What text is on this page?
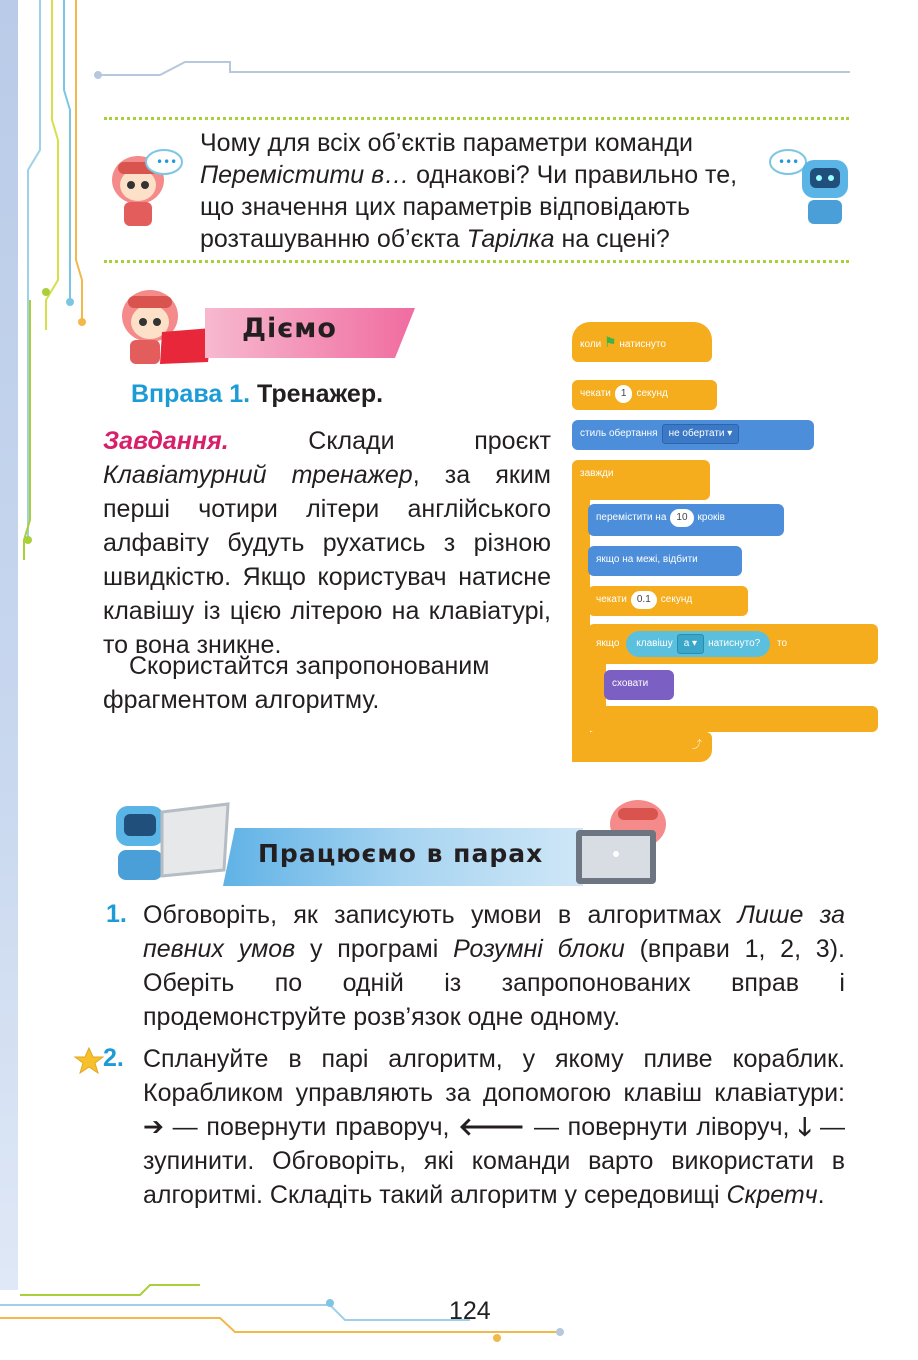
•••	•••
Чому для всіх об’єктів параметри команди
Перемістити в… однакові? Чи правильно те,
що значення цих параметрів відповідають
розташуванню об’єкта Тарілка на сцені?
Діємо
Вправа 1. Тренажер.
Завдання. Склади проєкт Клавіатурний тренажер, за яким перші чотири літери англійського алфавіту будуть рухатись з різною швидкістю. Якщо користувач натисне клавішу із цією літерою на клавіатурі, то вона зникне.
Скористайтся запропонованим фрагментом алгоритму.
коли ⚑ натиснуто
чекати 1 секунд
стиль обертання не обертати ▾
завжди
⤴
перемістити на 10 кроків
якщо на межі, відбити
чекати 0.1 секунд
якщо клавішу a ▾ натиснуто? то
сховати
Працюємо в парах
1. Обговоріть, як записують умови в алгоритмах Лише за певних умов у програмі Розумні блоки (вправи 1, 2, 3). Оберіть по одній із запропонованих вправ і продемонструйте розв’язок одне одному.
2. Сплануйте в парі алгоритм, у якому пливе кораблик. Корабликом управляють за допомогою клавіш клавіатури: ➔ — повернути праворуч, 🡐 — повернути ліворуч, 🡓 — зупинити. Обговоріть, які команди варто використати в алгоритмі. Складіть такий алгоритм у середовищі Скретч.
124
